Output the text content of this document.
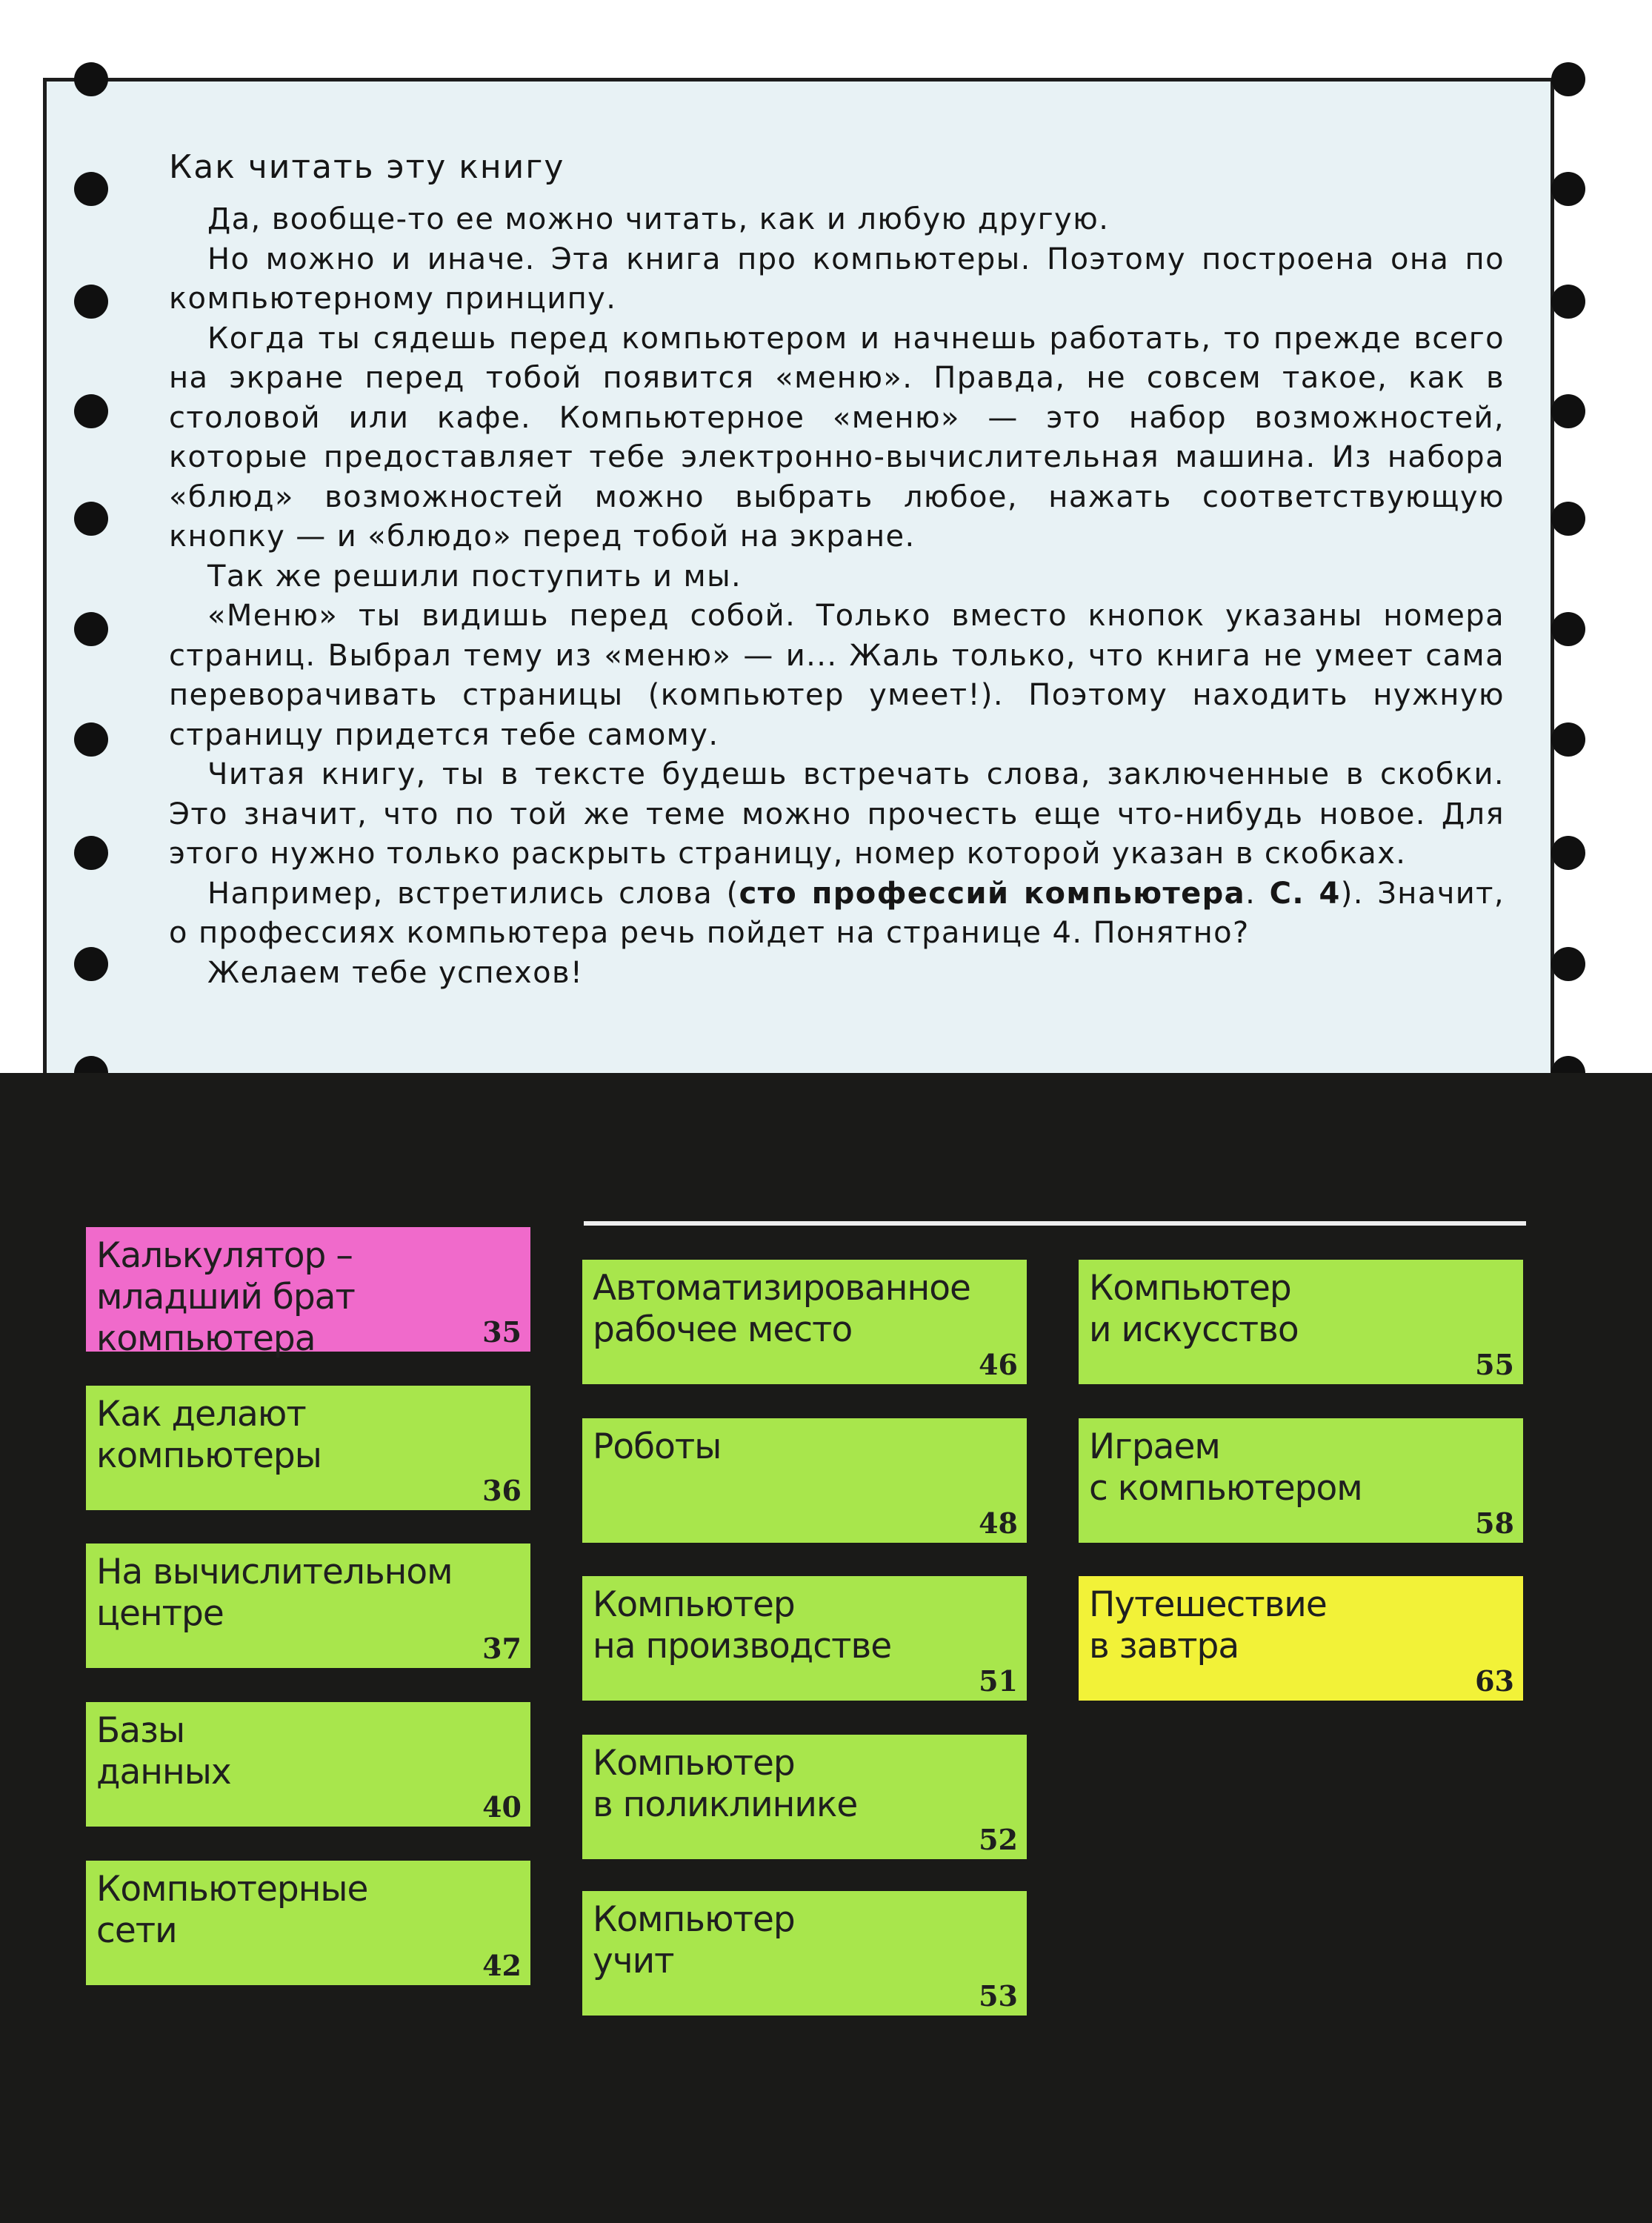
Как читать эту книгу

Да, вообще-то ее можно читать, как и любую другую.

Но можно и иначе. Эта книга про компьютеры. Поэтому построена она по компьютерному принципу.

Когда ты сядешь перед компьютером и начнешь работать, то прежде всего на экране перед тобой появится «меню». Правда, не совсем такое, как в столовой или кафе. Компьютерное «меню» — это набор возможностей, которые предоставляет тебе электронно-вычислительная машина. Из набора «блюд» возможностей можно выбрать любое, нажать соответствующую кнопку — и «блюдо» перед тобой на экране.

Так же решили поступить и мы.

«Меню» ты видишь перед собой. Только вместо кнопок указаны номера страниц. Выбрал тему из «меню» — и... Жаль только, что книга не умеет сама переворачивать страницы (компьютер умеет!). Поэтому находить нужную страницу придется тебе самому.

Читая книгу, ты в тексте будешь встречать слова, заключенные в скобки. Это значит, что по той же теме можно прочесть еще что-нибудь новое. Для этого нужно только раскрыть страницу, номер которой указан в скобках.

Например, встретились слова (сто профессий компьютера. С. 4). Значит, о профессиях компьютера речь пойдет на странице 4. Понятно?

Желаем тебе успехов!

Калькулятор –
младший брат
компьютера	35
Как делают
компьютеры
36
На вычислительном
центре
37
Базы
данных
40
Компьютерные
сети
42
Автоматизированное
рабочее место
46
Роботы
48
Компьютер
на производстве
51
Компьютер
в поликлинике
52
Компьютер
учит
53
Компьютер
и искусство
55
Играем
с компьютером
58
Путешествие
в завтра
63
